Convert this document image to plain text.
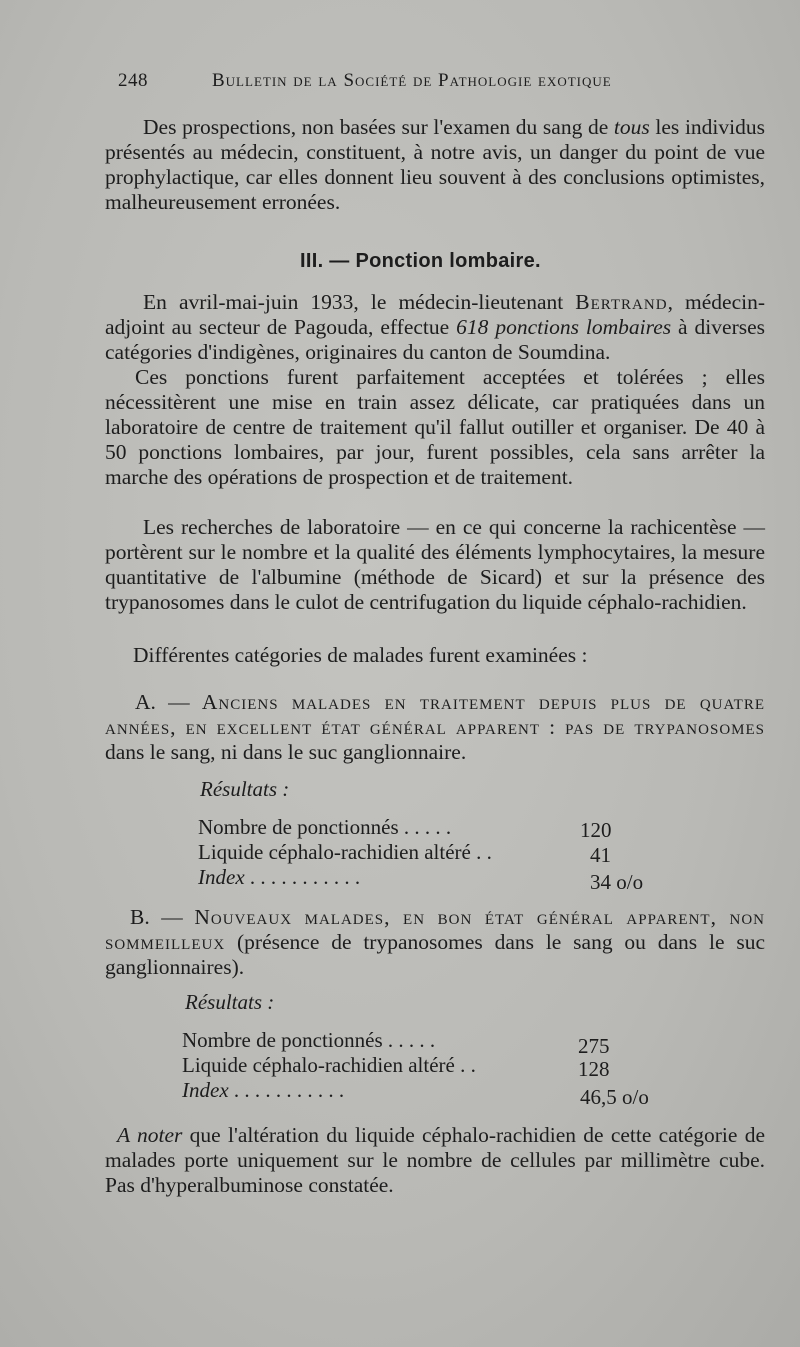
248	Bulletin de la Société de Pathologie exotique
Des prospections, non basées sur l'examen du sang de tous les individus présentés au médecin, constituent, à notre avis, un danger du point de vue prophylactique, car elles donnent lieu souvent à des conclusions optimistes, malheureusement erronées.
III. — Ponction lombaire.
En avril-mai-juin 1933, le médecin-lieutenant Bertrand, médecin-adjoint au secteur de Pagouda, effectue 618 ponctions lombaires à diverses catégories d'indigènes, originaires du canton de Soumdina.
Ces ponctions furent parfaitement acceptées et tolérées ; elles nécessitèrent une mise en train assez délicate, car pratiquées dans un laboratoire de centre de traitement qu'il fallut outiller et organiser. De 40 à 50 ponctions lombaires, par jour, furent possibles, cela sans arrêter la marche des opérations de prospection et de traitement.
Les recherches de laboratoire — en ce qui concerne la rachicentèse — portèrent sur le nombre et la qualité des éléments lymphocytaires, la mesure quantitative de l'albumine (méthode de Sicard) et sur la présence des trypanosomes dans le culot de centrifugation du liquide céphalo-rachidien.
Différentes catégories de malades furent examinées :
A. — Anciens malades en traitement depuis plus de quatre années, en excellent état général apparent : pas de trypanosomes dans le sang, ni dans le suc ganglionnaire.
Résultats :
Nombre de ponctionnés . . . . .	120
Liquide céphalo-rachidien altéré . .	41
Index . . . . . . . . . . .	34 o/o
B. — Nouveaux malades, en bon état général apparent, non sommeilleux (présence de trypanosomes dans le sang ou dans le suc ganglionnaires).
Résultats :
Nombre de ponctionnés . . . . .	275
Liquide céphalo-rachidien altéré . .	128
Index . . . . . . . . . . .	46,5 o/o
A noter que l'altération du liquide céphalo-rachidien de cette catégorie de malades porte uniquement sur le nombre de cellules par millimètre cube. Pas d'hyperalbuminose constatée.
